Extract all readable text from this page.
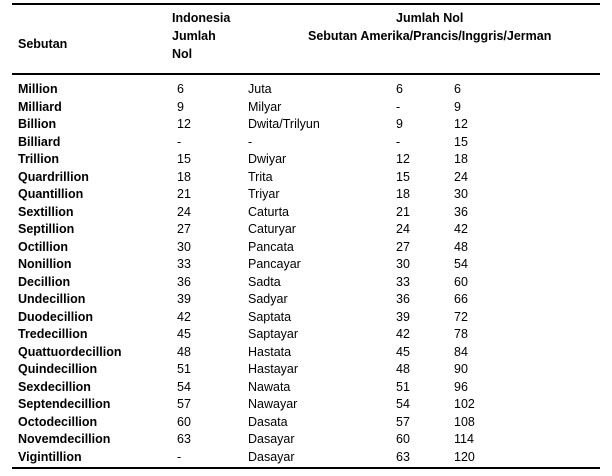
Sebutan
Indonesia
Jumlah
Nol
Jumlah Nol
Sebutan Amerika/Prancis/Inggris/Jerman
Million	6	Juta	6	6
Milliard	9	Milyar	-	9
Billion	12	Dwita/Trilyun	9	12
Billiard	-	-	-	15
Trillion	15	Dwiyar	12	18
Quardrillion	18	Trita	15	24
Quantillion	21	Triyar	18	30
Sextillion	24	Caturta	21	36
Septillion	27	Caturyar	24	42
Octillion	30	Pancata	27	48
Nonillion	33	Pancayar	30	54
Decillion	36	Sadta	33	60
Undecillion	39	Sadyar	36	66
Duodecillion	42	Saptata	39	72
Tredecillion	45	Saptayar	42	78
Quattuordecillion	48	Hastata	45	84
Quindecillion	51	Hastayar	48	90
Sexdecillion	54	Nawata	51	96
Septendecillion	57	Nawayar	54	102
Octodecillion	60	Dasata	57	108
Novemdecillion	63	Dasayar	60	114
Vigintillion	-	Dasayar	63	120
